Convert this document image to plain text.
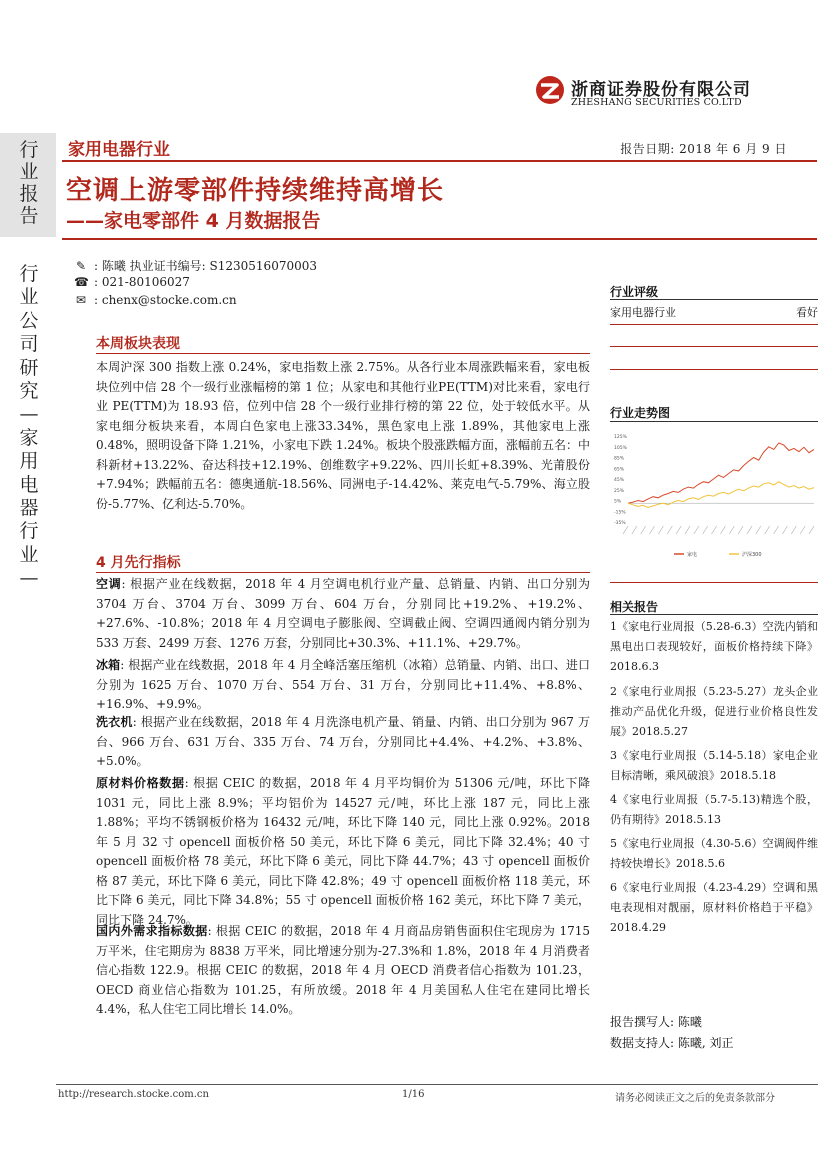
浙商证券股份有限公司
ZHESHANG SECURITIES CO.LTD
行
业
报
告
行
业
公
司
研
究
—
家
用
电
器
行
业
—
家用电器行业	报告日期: 2018 年 6 月 9 日
空调上游零部件持续维持高增长
——家电零部件 4 月数据报告
✎ : 陈曦 执业证书编号: S1230516070003
☎ : 021-80106027
✉ : chenx@stocke.com.cn
本周板块表现
本周沪深 300 指数上涨 0.24%，家电指数上涨 2.75%。从各行业本周涨跌幅来看，家电板块位列中信 28 个一级行业涨幅榜的第 1 位；从家电和其他行业PE(TTM)对比来看，家电行业 PE(TTM)为 18.93 倍，位列中信 28 个一级行业排行榜的第 22 位，处于较低水平。从家电细分板块来看，本周白色家电上涨33.34%，黑色家电上涨 1.89%，其他家电上涨 0.48%，照明设备下降 1.21%，小家电下跌 1.24%。板块个股涨跌幅方面，涨幅前五名：中科新材+13.22%、奋达科技+12.19%、创维数字+9.22%、四川长虹+8.39%、光莆股份+7.94%；跌幅前五名：德奥通航-18.56%、同洲电子-14.42%、莱克电气-5.79%、海立股份-5.77%、亿利达-5.70%。
4 月先行指标
空调: 根据产业在线数据，2018 年 4 月空调电机行业产量、总销量、内销、出口分别为 3704 万台、3704 万台、3099 万台、604 万台，分别同比+19.2%、+19.2%、+27.6%、-10.8%；2018 年 4 月空调电子膨胀阀、空调截止阀、空调四通阀内销分别为 533 万套、2499 万套、1276 万套，分别同比+30.3%、+11.1%、+29.7%。
冰箱: 根据产业在线数据，2018 年 4 月全峰活塞压缩机（冰箱）总销量、内销、出口、进口分别为 1625 万台、1070 万台、554 万台、31 万台，分别同比+11.4%、+8.8%、+16.9%、+9.9%。
洗衣机: 根据产业在线数据，2018 年 4 月洗涤电机产量、销量、内销、出口分别为 967 万台、966 万台、631 万台、335 万台、74 万台，分别同比+4.4%、+4.2%、+3.8%、+5.0%。
原材料价格数据: 根据 CEIC 的数据，2018 年 4 月平均铜价为 51306 元/吨，环比下降 1031 元，同比上涨 8.9%；平均铝价为 14527 元/吨，环比上涨 187 元，同比上涨 1.88%；平均不锈钢板价格为 16432 元/吨，环比下降 140 元，同比上涨 0.92%。2018 年 5 月 32 寸 opencell 面板价格 50 美元，环比下降 6 美元，同比下降 32.4%；40 寸 opencell 面板价格 78 美元，环比下降 6 美元，同比下降 44.7%；43 寸 opencell 面板价格 87 美元，环比下降 6 美元，同比下降 42.8%；49 寸 opencell 面板价格 118 美元，环比下降 6 美元，同比下降 34.8%；55 寸 opencell 面板价格 162 美元，环比下降 7 美元，同比下降 24.7%。
国内外需求指标数据: 根据 CEIC 的数据，2018 年 4 月商品房销售面积住宅现房为 1715 万平米，住宅期房为 8838 万平米，同比增速分别为-27.3%和 1.8%，2018 年 4 月消费者信心指数 122.9。根据 CEIC 的数据，2018 年 4 月 OECD 消费者信心指数为 101.23，OECD 商业信心指数为 101.25，有所放缓。2018 年 4 月美国私人住宅在建同比增长 4.4%，私人住宅工同比增长 14.0%。
行业评级
家用电器行业	看好
行业走势图
125%
105%
85%
65%
45%
25%
5%
-15%
-35%
家电	沪深300
相关报告
1《家电行业周报（5.28-6.3）空洗内销和黑电出口表现较好，面板价格持续下降》2018.6.3
2《家电行业周报（5.23-5.27）龙头企业推动产品优化升级，促进行业价格良性发展》2018.5.27
3《家电行业周报（5.14-5.18）家电企业目标清晰，乘风破浪》2018.5.18
4《家电行业周报（5.7-5.13)精选个股，仍有期待》2018.5.13
5《家电行业周报（4.30-5.6）空调阀件维持较快增长》2018.5.6
6《家电行业周报（4.23-4.29）空调和黑电表现相对靓丽，原材料价格趋于平稳》2018.4.29
报告撰写人: 陈曦
数据支持人: 陈曦, 刘正
http://research.stocke.com.cn	1/16	请务必阅读正文之后的免责条款部分
